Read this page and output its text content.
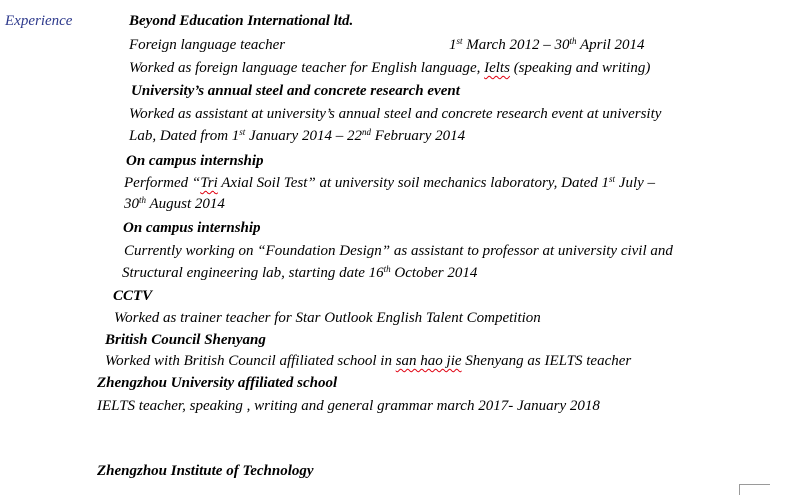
Experience	Beyond Education International ltd.
Foreign language teacher	1st March 2012 – 30th April 2014
Worked as foreign language teacher for English language, Ielts (speaking and writing)
University’s annual steel and concrete research event
Worked as assistant at university’s annual steel and concrete research event at university
Lab, Dated from 1st January 2014 – 22nd February 2014
On campus internship
Performed “Tri Axial Soil Test” at university soil mechanics laboratory, Dated 1st July –
30th August 2014
On campus internship
Currently working on “Foundation Design” as assistant to professor at university civil and
Structural engineering lab, starting date 16th October 2014
CCTV
Worked as trainer teacher for Star Outlook English Talent Competition
British Council Shenyang
Worked with British Council affiliated school in san hao jie Shenyang as IELTS teacher
Zhengzhou University affiliated school
IELTS teacher, speaking , writing and general grammar march 2017- January 2018
Zhengzhou Institute of Technology
